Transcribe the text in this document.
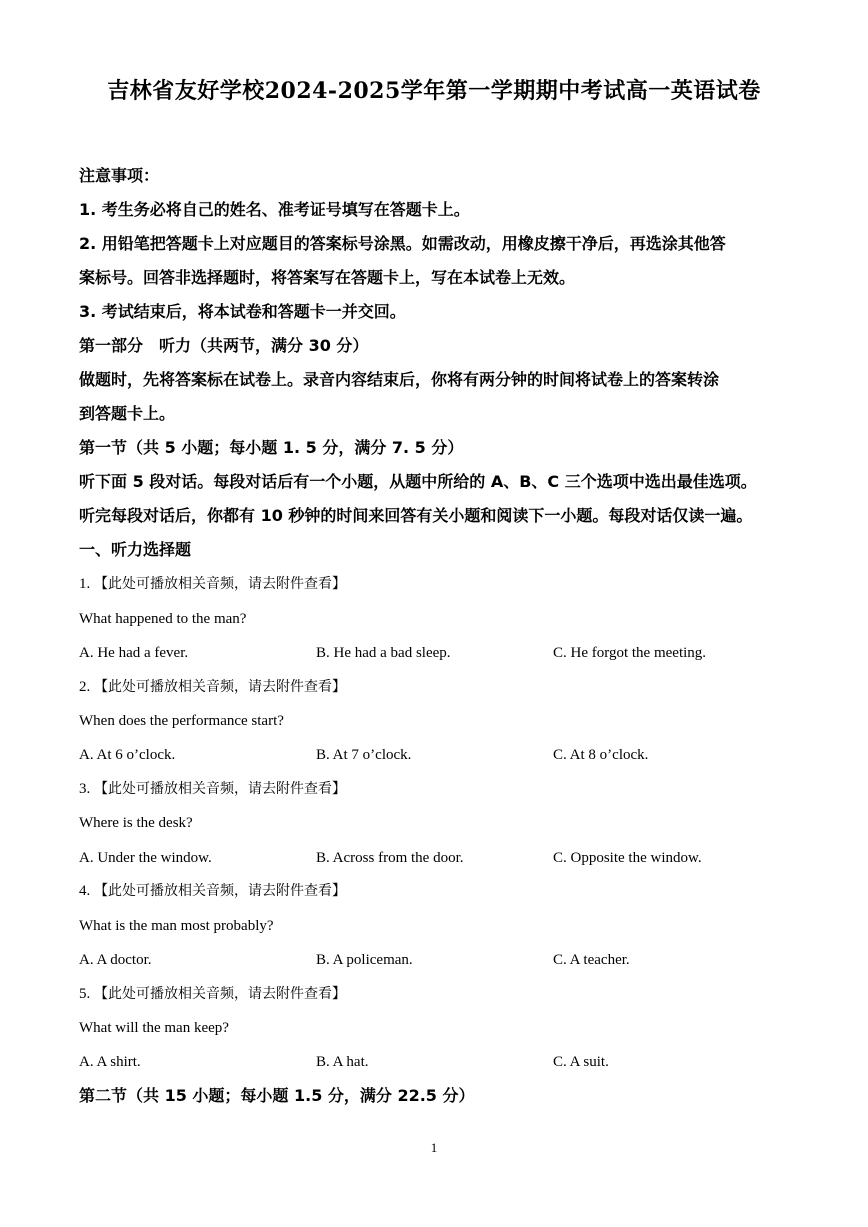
吉林省友好学校2024-2025学年第一学期期中考试高一英语试卷
注意事项：
1. 考生务必将自己的姓名、准考证号填写在答题卡上。
2. 用铅笔把答题卡上对应题目的答案标号涂黑。如需改动，用橡皮擦干净后，再选涂其他答
案标号。回答非选择题时，将答案写在答题卡上，写在本试卷上无效。
3. 考试结束后，将本试卷和答题卡一并交回。
第一部分　听力（共两节，满分 30 分）
做题时，先将答案标在试卷上。录音内容结束后，你将有两分钟的时间将试卷上的答案转涂
到答题卡上。
第一节（共 5 小题；每小题 1. 5 分，满分 7. 5 分）
听下面 5 段对话。每段对话后有一个小题，从题中所给的 A、B、C 三个选项中选出最佳选项。
听完每段对话后，你都有 10 秒钟的时间来回答有关小题和阅读下一小题。每段对话仅读一遍。
一、听力选择题
1. 【此处可播放相关音频，请去附件查看】
What happened to the man?
A. He had a fever.	B. He had a bad sleep.	C. He forgot the meeting.
2. 【此处可播放相关音频，请去附件查看】
When does the performance start?
A. At 6 o’clock.	B. At 7 o’clock.	C. At 8 o’clock.
3. 【此处可播放相关音频，请去附件查看】
Where is the desk?
A. Under the window.	B. Across from the door.	C. Opposite the window.
4. 【此处可播放相关音频，请去附件查看】
What is the man most probably?
A. A doctor.	B. A policeman.	C. A teacher.
5. 【此处可播放相关音频，请去附件查看】
What will the man keep?
A. A shirt.	B. A hat.	C. A suit.
第二节（共 15 小题；每小题 1.5 分，满分 22.5 分）
1
